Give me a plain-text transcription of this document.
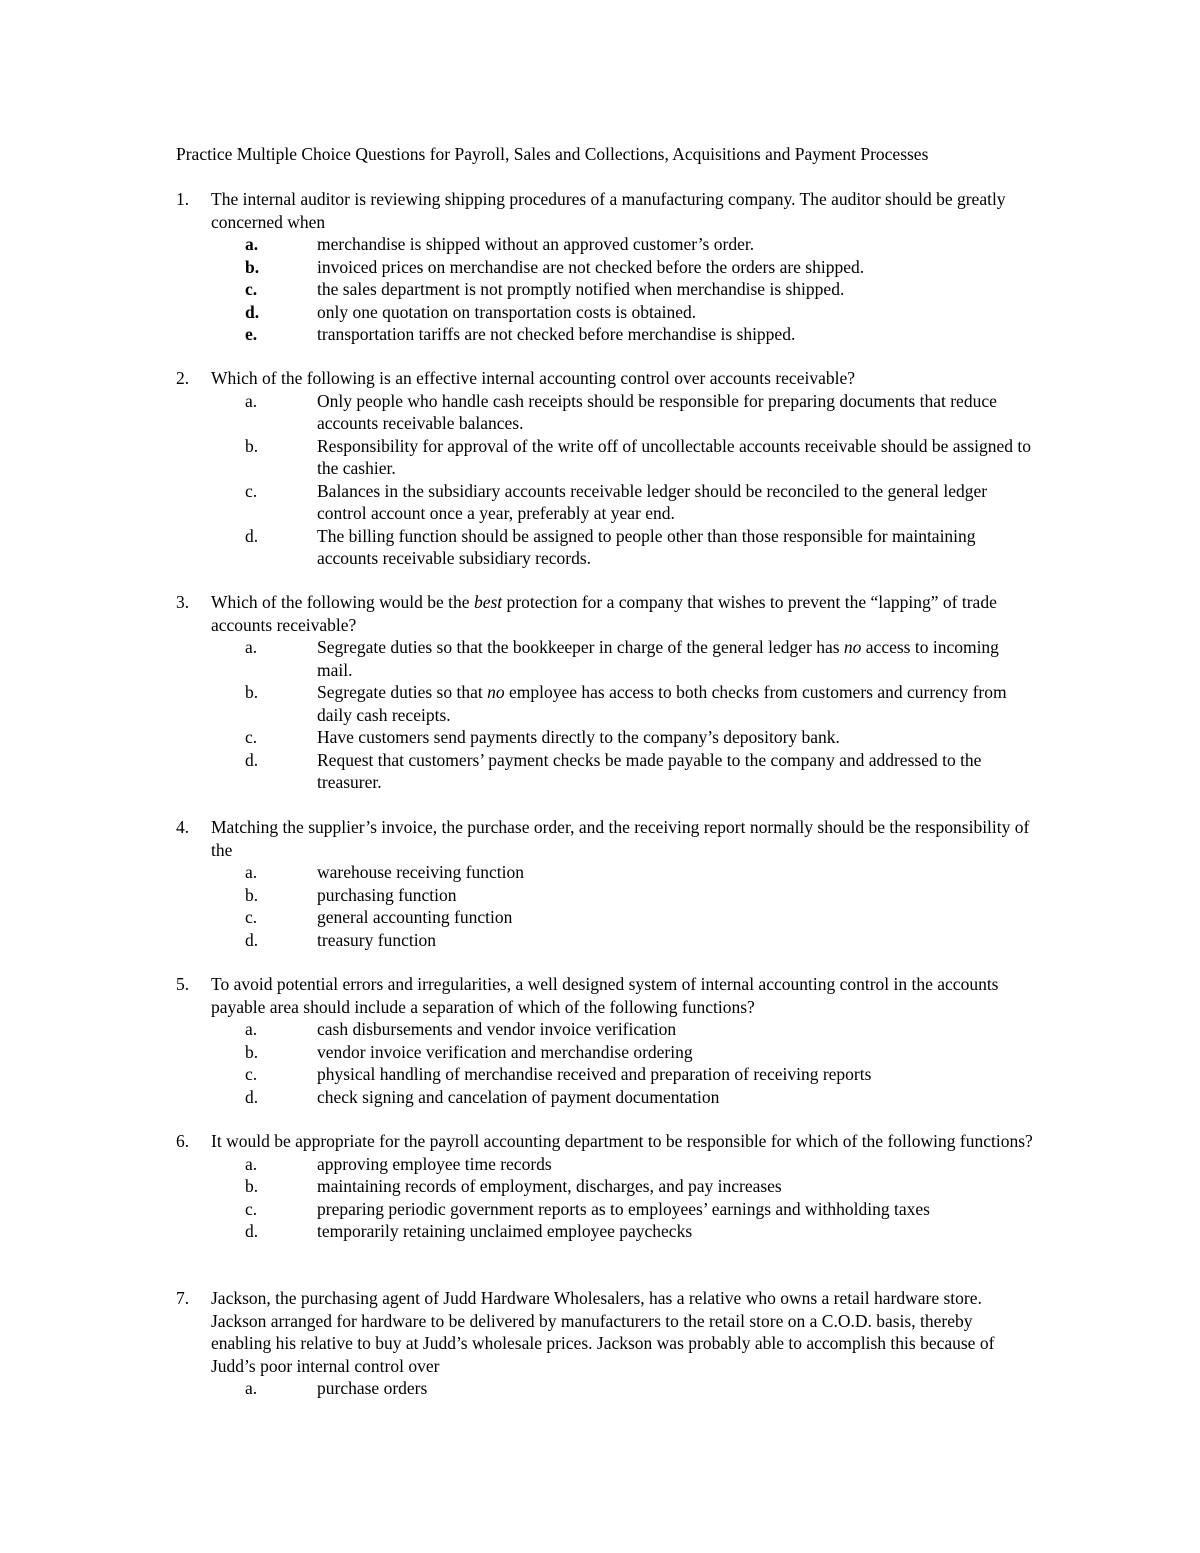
Practice Multiple Choice Questions for Payroll, Sales and Collections, Acquisitions and Payment Processes
1. The internal auditor is reviewing shipping procedures of a manufacturing company. The auditor should be greatly concerned when
a.	merchandise is shipped without an approved customer’s order.
b.	invoiced prices on merchandise are not checked before the orders are shipped.
c.	the sales department is not promptly notified when merchandise is shipped.
d.	only one quotation on transportation costs is obtained.
e.	transportation tariffs are not checked before merchandise is shipped.
2. Which of the following is an effective internal accounting control over accounts receivable?
a.	Only people who handle cash receipts should be responsible for preparing documents that reduce accounts receivable balances.
b.	Responsibility for approval of the write off of uncollectable accounts receivable should be assigned to the cashier.
c.	Balances in the subsidiary accounts receivable ledger should be reconciled to the general ledger control account once a year, preferably at year end.
d.	The billing function should be assigned to people other than those responsible for maintaining accounts receivable subsidiary records.
3. Which of the following would be the best protection for a company that wishes to prevent the “lapping” of trade accounts receivable?
a.	Segregate duties so that the bookkeeper in charge of the general ledger has no access to incoming mail.
b.	Segregate duties so that no employee has access to both checks from customers and currency from daily cash receipts.
c.	Have customers send payments directly to the company’s depository bank.
d.	Request that customers’ payment checks be made payable to the company and addressed to the treasurer.
4. Matching the supplier’s invoice, the purchase order, and the receiving report normally should be the responsibility of the
a.	warehouse receiving function
b.	purchasing function
c.	general accounting function
d.	treasury function
5. To avoid potential errors and irregularities, a well designed system of internal accounting control in the accounts payable area should include a separation of which of the following functions?
a.	cash disbursements and vendor invoice verification
b.	vendor invoice verification and merchandise ordering
c.	physical handling of merchandise received and preparation of receiving reports
d.	check signing and cancelation of payment documentation
6. It would be appropriate for the payroll accounting department to be responsible for which of the following functions?
a.	approving employee time records
b.	maintaining records of employment, discharges, and pay increases
c.	preparing periodic government reports as to employees’ earnings and withholding taxes
d.	temporarily retaining unclaimed employee paychecks
7. Jackson, the purchasing agent of Judd Hardware Wholesalers, has a relative who owns a retail hardware store. Jackson arranged for hardware to be delivered by manufacturers to the retail store on a C.O.D. basis, thereby enabling his relative to buy at Judd’s wholesale prices. Jackson was probably able to accomplish this because of Judd’s poor internal control over
a.	purchase orders
